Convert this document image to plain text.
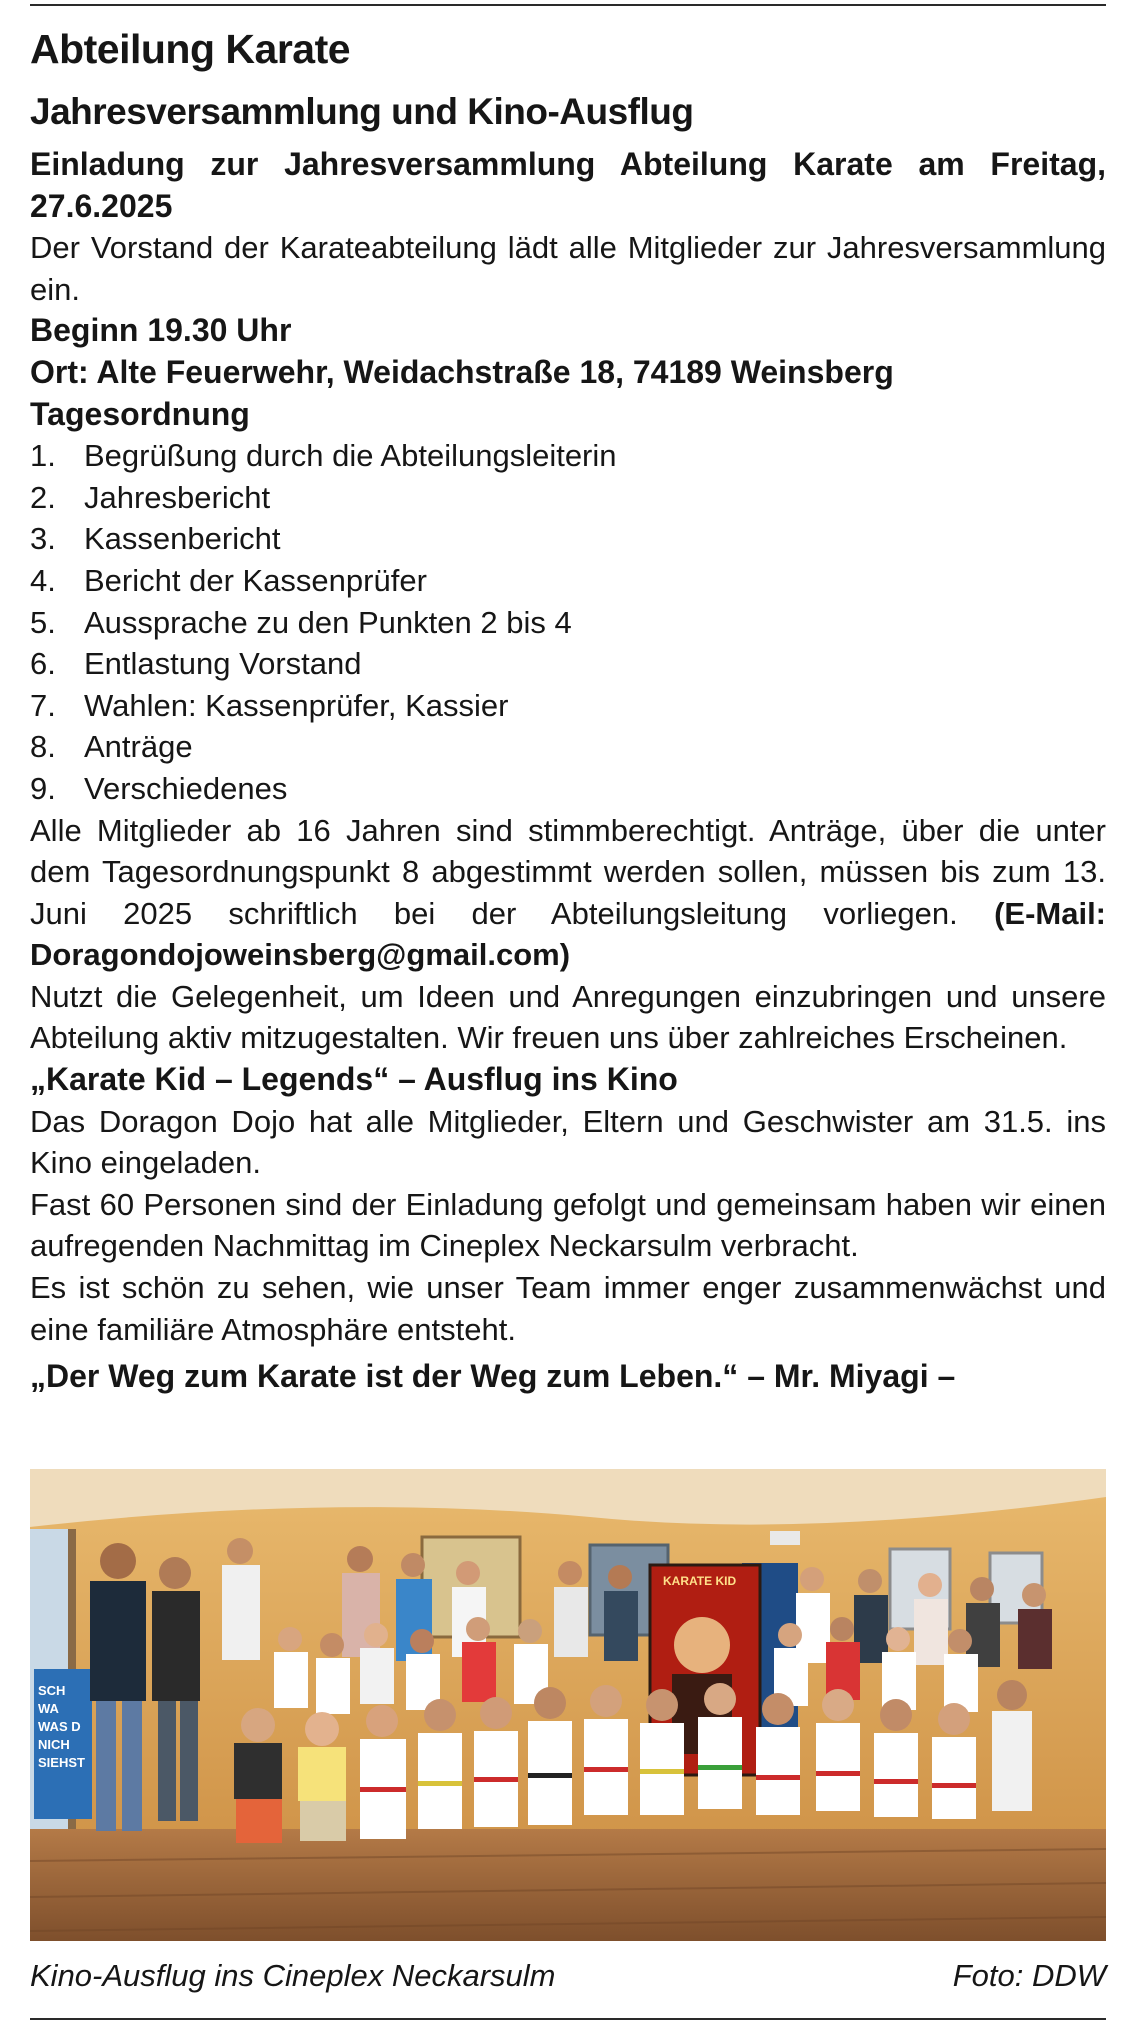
Abteilung Karate
Jahresversammlung und Kino-Ausflug

Einladung zur Jahresversammlung Abteilung Karate am Freitag, 27.6.2025

Der Vorstand der Karateabteilung lädt alle Mitglieder zur Jahresversammlung ein.

Beginn 19.30 Uhr

Ort: Alte Feuerwehr, Weidachstraße 18, 74189 Weinsberg

Tagesordnung

1. Begrüßung durch die Abteilungsleiterin
2. Jahresbericht
3. Kassenbericht
4. Bericht der Kassenprüfer
5. Aussprache zu den Punkten 2 bis 4
6. Entlastung Vorstand
7. Wahlen: Kassenprüfer, Kassier
8. Anträge
9. Verschiedenes

Alle Mitglieder ab 16 Jahren sind stimmberechtigt. Anträge, über die unter dem Tagesordnungspunkt 8 abgestimmt werden sollen, müssen bis zum 13. Juni 2025 schriftlich bei der Abteilungsleitung vorliegen. (E-Mail: Doragondojoweinsberg@gmail.com)

Nutzt die Gelegenheit, um Ideen und Anregungen einzubringen und unsere Abteilung aktiv mitzugestalten. Wir freuen uns über zahlreiches Erscheinen.

„Karate Kid – Legends“ – Ausflug ins Kino

Das Doragon Dojo hat alle Mitglieder, Eltern und Geschwister am 31.5. ins Kino eingeladen.

Fast 60 Personen sind der Einladung gefolgt und gemeinsam haben wir einen aufregenden Nachmittag im Cineplex Neckarsulm verbracht.

Es ist schön zu sehen, wie unser Team immer enger zusammenwächst und eine familiäre Atmosphäre entsteht.

„Der Weg zum Karate ist der Weg zum Leben.“ – Mr. Miyagi –

SCH
WA
WAS D
NICH
SIEHST
KARATE KID
Kino-Ausflug ins Cineplex Neckarsulm	Foto: DDW
